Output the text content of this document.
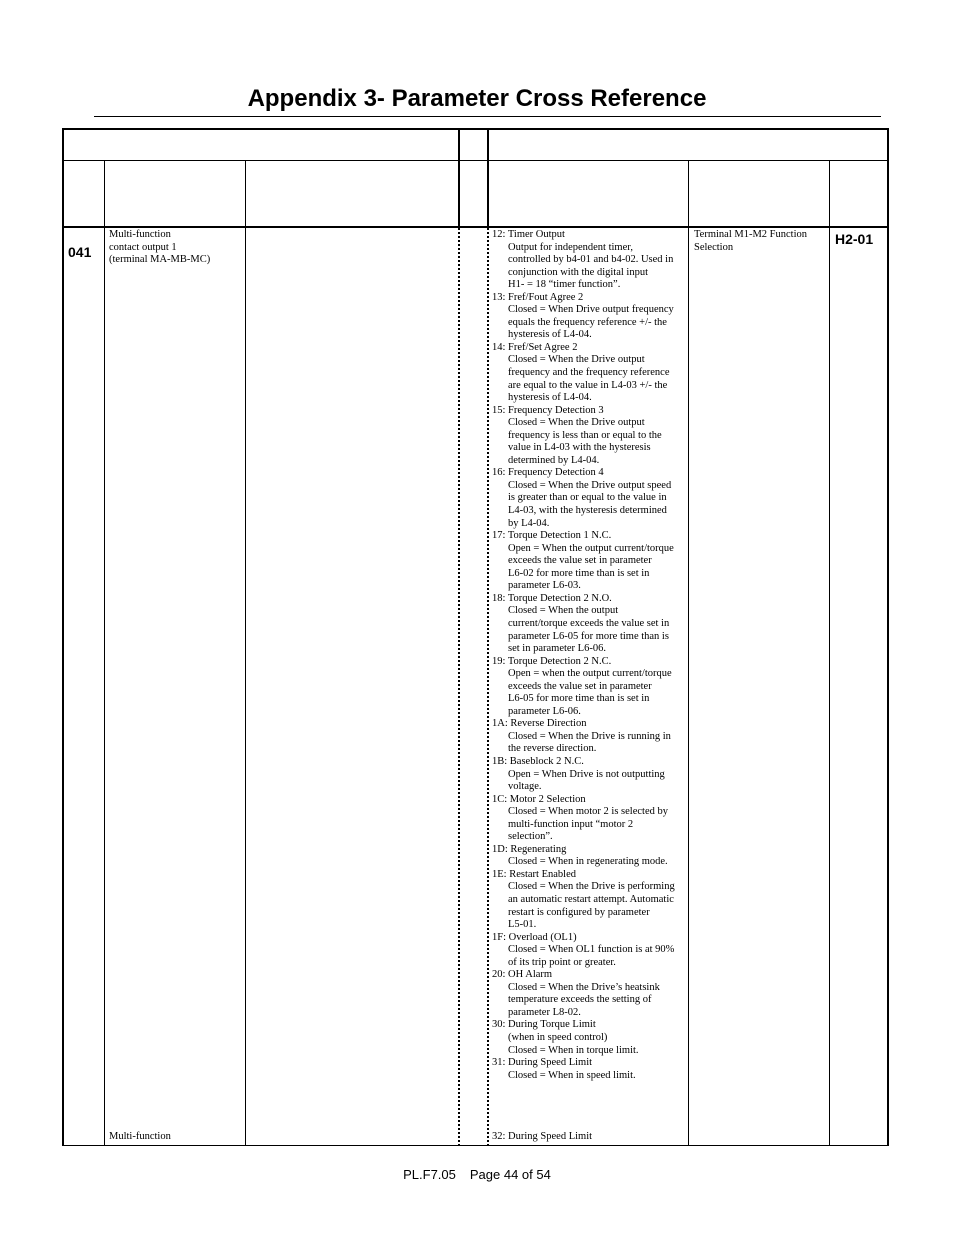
Appendix 3- Parameter Cross Reference
041
Multi-function
contact output 1
(terminal MA-MB-MC)
12: Timer Output
Output for independent timer,
controlled by b4-01 and b4-02. Used in
conjunction with the digital input
H1- = 18 “timer function”.
13: Fref/Fout Agree 2
Closed = When Drive output frequency
equals the frequency reference +/- the
hysteresis of L4-04.
14: Fref/Set Agree 2
Closed = When the Drive output
frequency and the frequency reference
are equal to the value in L4-03 +/- the
hysteresis of L4-04.
15: Frequency Detection 3
Closed = When the Drive output
frequency is less than or equal to the
value in L4-03 with the hysteresis
determined by L4-04.
16: Frequency Detection 4
Closed = When the Drive output speed
is greater than or equal to the value in
L4-03, with the hysteresis determined
by L4-04.
17: Torque Detection 1 N.C.
Open = When the output current/torque
exceeds the value set in parameter
L6-02 for more time than is set in
parameter L6-03.
18: Torque Detection 2 N.O.
Closed = When the output
current/torque exceeds the value set in
parameter L6-05 for more time than is
set in parameter L6-06.
19: Torque Detection 2 N.C.
Open = when the output current/torque
exceeds the value set in parameter
L6-05 for more time than is set in
parameter L6-06.
1A: Reverse Direction
Closed = When the Drive is running in
the reverse direction.
1B: Baseblock 2 N.C.
Open = When Drive is not outputting
voltage.
1C: Motor 2 Selection
Closed = When motor 2 is selected by
multi-function input “motor 2
selection”.
1D: Regenerating
Closed = When in regenerating mode.
1E: Restart Enabled
Closed = When the Drive is performing
an automatic restart attempt. Automatic
restart is configured by parameter
L5-01.
1F: Overload (OL1)
Closed = When OL1 function is at 90%
of its trip point or greater.
20: OH Alarm
Closed = When the Drive’s heatsink
temperature exceeds the setting of
parameter L8-02.
30: During Torque Limit
(when in speed control)
Closed = When in torque limit.
31: During Speed Limit
Closed = When in speed limit.
Terminal M1-M2 Function
Selection
H2-01
Multi-function	32: During Speed Limit
PL.F7.05 Page 44 of 54
